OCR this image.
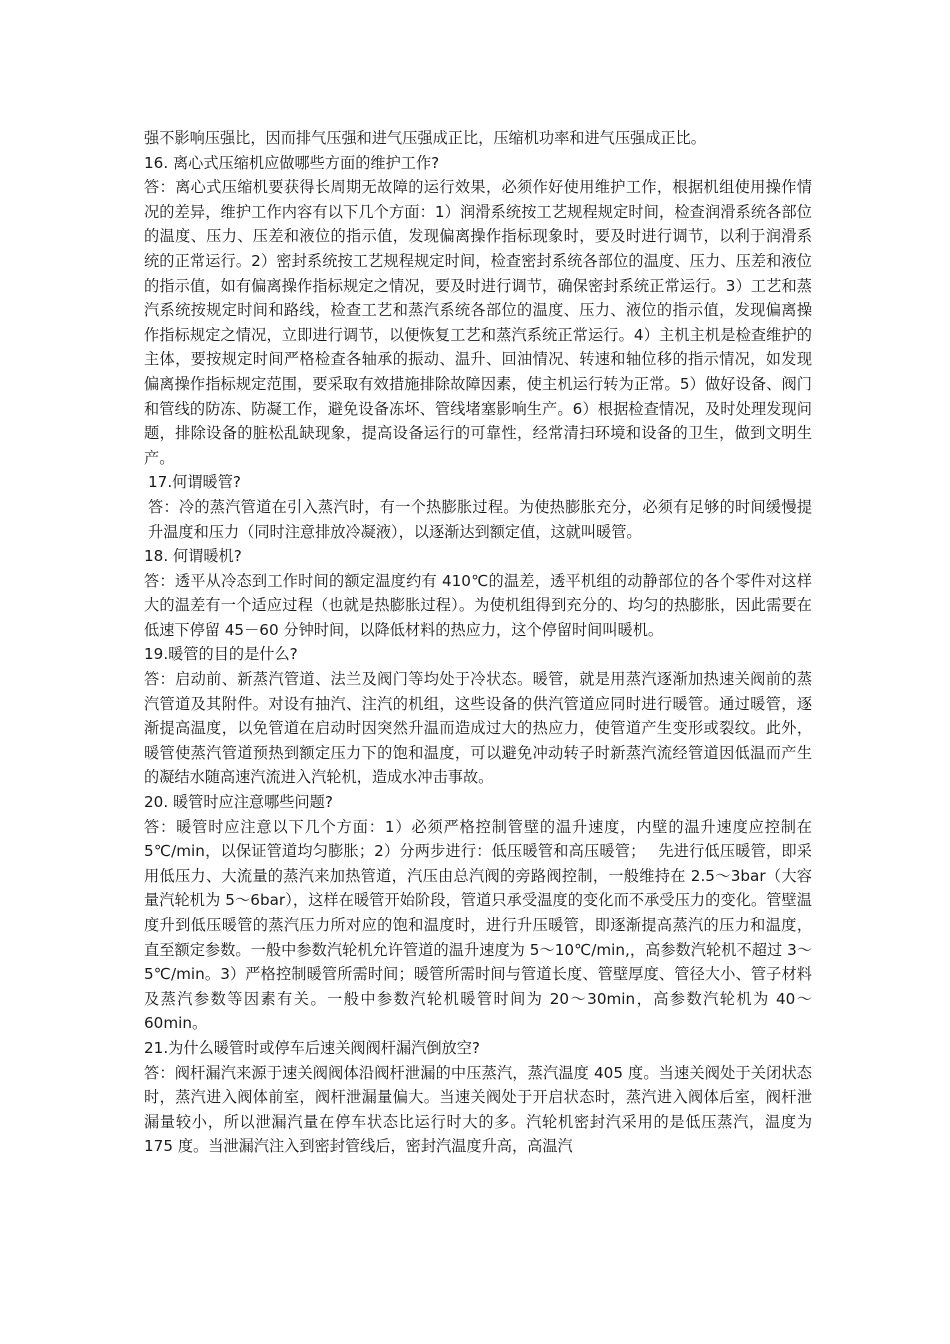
强不影响压强比，因而排气压强和进气压强成正比，压缩机功率和进气压强成正比。

16. 离心式压缩机应做哪些方面的维护工作?

答：离心式压缩机要获得长周期无故障的运行效果，必须作好使用维护工作，根据机组使用操作情况的差异，维护工作内容有以下几个方面：1）润滑系统按工艺规程规定时间，检查润滑系统各部位的温度、压力、压差和液位的指示值，发现偏离操作指标现象时，要及时进行调节，以利于润滑系统的正常运行。2）密封系统按工艺规程规定时间，检查密封系统各部位的温度、压力、压差和液位的指示值，如有偏离操作指标规定之情况，要及时进行调节，确保密封系统正常运行。3）工艺和蒸汽系统按规定时间和路线，检查工艺和蒸汽系统各部位的温度、压力、液位的指示值，发现偏离操作指标规定之情况，立即进行调节，以便恢复工艺和蒸汽系统正常运行。4）主机主机是检查维护的主体，要按规定时间严格检查各轴承的振动、温升、回油情况、转速和轴位移的指示情况，如发现偏离操作指标规定范围，要采取有效措施排除故障因素，使主机运行转为正常。5）做好设备、阀门和管线的防冻、防凝工作，避免设备冻坏、管线堵塞影响生产。6）根据检查情况，及时处理发现问题，排除设备的脏松乱缺现象，提高设备运行的可靠性，经常清扫环境和设备的卫生，做到文明生产。

17.何谓暖管?

答：冷的蒸汽管道在引入蒸汽时，有一个热膨胀过程。为使热膨胀充分，必须有足够的时间缓慢提升温度和压力（同时注意排放冷凝液），以逐渐达到额定值，这就叫暖管。

18. 何谓暖机?

答：透平从冷态到工作时间的额定温度约有 410℃的温差，透平机组的动静部位的各个零件对这样大的温差有一个适应过程（也就是热膨胀过程）。为使机组得到充分的、均匀的热膨胀，因此需要在低速下停留 45－60 分钟时间，以降低材料的热应力，这个停留时间叫暖机。

19.暖管的目的是什么?

答：启动前、新蒸汽管道、法兰及阀门等均处于冷状态。暖管，就是用蒸汽逐渐加热速关阀前的蒸汽管道及其附件。对设有抽汽、注汽的机组，这些设备的供汽管道应同时进行暖管。通过暖管，逐渐提高温度，以免管道在启动时因突然升温而造成过大的热应力，使管道产生变形或裂纹。此外，暖管使蒸汽管道预热到额定压力下的饱和温度，可以避免冲动转子时新蒸汽流经管道因低温而产生的凝结水随高速汽流进入汽轮机，造成水冲击事故。

20. 暖管时应注意哪些问题?

答：暖管时应注意以下几个方面：1）必须严格控制管壁的温升速度，内壁的温升速度应控制在 5℃/min，以保证管道均匀膨胀；2）分两步进行：低压暖管和高压暖管；　 先进行低压暖管，即采用低压力、大流量的蒸汽来加热管道，汽压由总汽阀的旁路阀控制，一般维持在 2.5～3bar（大容量汽轮机为 5～6bar），这样在暖管开始阶段，管道只承受温度的变化而不承受压力的变化。管壁温度升到低压暖管的蒸汽压力所对应的饱和温度时，进行升压暖管，即逐渐提高蒸汽的压力和温度，直至额定参数。一般中参数汽轮机允许管道的温升速度为 5～10℃/min,，高参数汽轮机不超过 3～5℃/min。3）严格控制暖管所需时间；暖管所需时间与管道长度、管壁厚度、管径大小、管子材料及蒸汽参数等因素有关。一般中参数汽轮机暖管时间为 20～30min，高参数汽轮机为 40～60min。

21.为什么暖管时或停车后速关阀阀杆漏汽倒放空?

答：阀杆漏汽来源于速关阀阀体沿阀杆泄漏的中压蒸汽，蒸汽温度 405 度。当速关阀处于关闭状态时，蒸汽进入阀体前室，阀杆泄漏量偏大。当速关阀处于开启状态时，蒸汽进入阀体后室，阀杆泄漏量较小，所以泄漏汽量在停车状态比运行时大的多。汽轮机密封汽采用的是低压蒸汽，温度为 175 度。当泄漏汽注入到密封管线后，密封汽温度升高，高温汽
